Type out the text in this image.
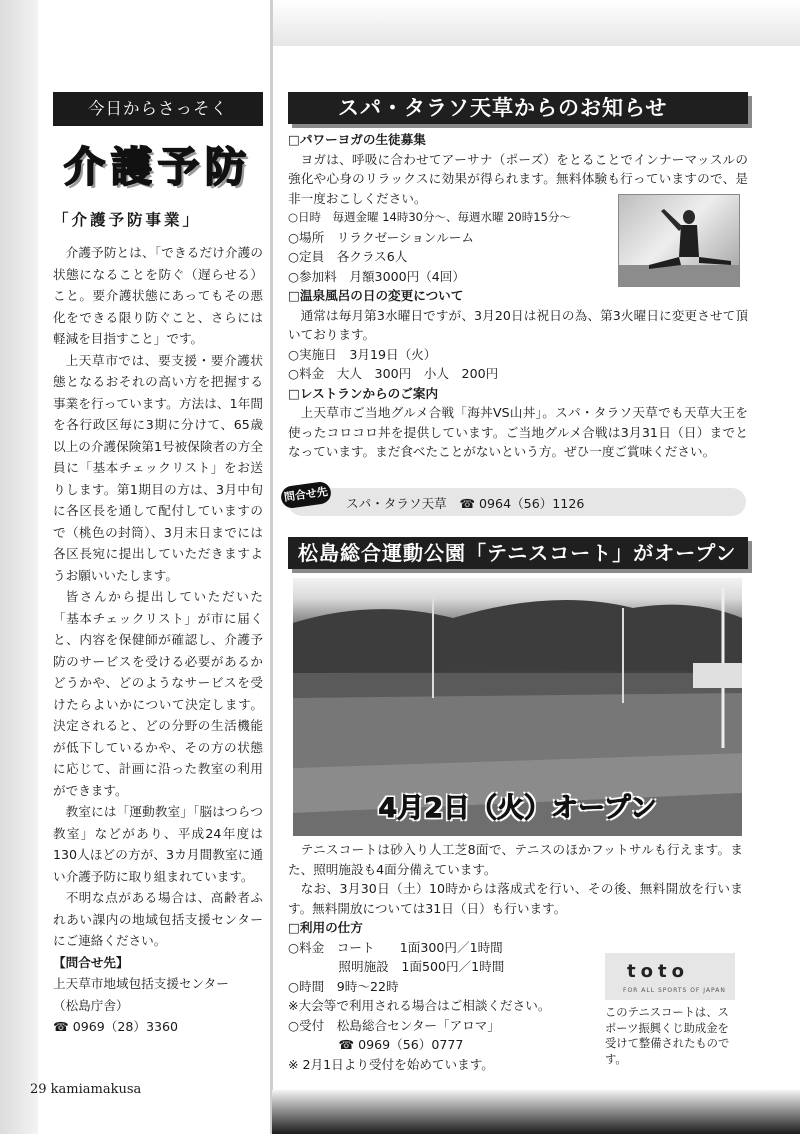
今日からさっそく
介護予防
「介護予防事業」

介護予防とは、「できるだけ介護の状態になることを防ぐ（遅らせる）こと。要介護状態にあってもその悪化をできる限り防ぐこと、さらには軽減を目指すこと」です。

上天草市では、要支援・要介護状態となるおそれの高い方を把握する事業を行っています。方法は、1年間を各行政区毎に3期に分けて、65歳以上の介護保険第1号被保険者の方全員に「基本チェックリスト」をお送りします。第1期目の方は、3月中旬に各区長を通して配付していますので（桃色の封筒）、3月末日までには各区長宛に提出していただきますようお願いいたします。

皆さんから提出していただいた「基本チェックリスト」が市に届くと、内容を保健師が確認し、介護予防のサービスを受ける必要があるかどうかや、どのようなサービスを受けたらよいかについて決定します。決定されると、どの分野の生活機能が低下しているかや、その方の状態に応じて、計画に沿った教室の利用ができます。

教室には「運動教室」「脳はつらつ教室」などがあり、平成24年度は130人ほどの方が、3カ月間教室に通い介護予防に取り組まれています。

不明な点がある場合は、高齢者ふれあい課内の地域包括支援センターにご連絡ください。

【問合せ先】
上天草市地域包括支援センター
（松島庁舎）
☎ 0969（28）3360
スパ・タラソ天草からのお知らせ
□パワーヨガの生徒募集
ヨガは、呼吸に合わせてアーサナ（ポーズ）をとることでインナーマッスルの強化や心身のリラックスに効果が得られます。無料体験も行っていますので、是非一度おこしください。
○日時　毎週金曜 14時30分～、毎週水曜 20時15分～
○場所　リラクゼーションルーム
○定員　各クラス6人
○参加料　月額3000円（4回）
□温泉風呂の日の変更について
通常は毎月第3水曜日ですが、3月20日は祝日の為、第3火曜日に変更させて頂いております。
○実施日　3月19日（火）
○料金　大人　300円　小人　200円
□レストランからのご案内
上天草市ご当地グルメ合戦「海丼VS山丼」。スパ・タラソ天草でも天草大王を使ったコロコロ丼を提供しています。ご当地グルメ合戦は3月31日（日）までとなっています。まだ食べたことがないという方。ぜひ一度ご賞味ください。
問合せ先 スパ・タラソ天草　☎ 0964（56）1126
松島総合運動公園「テニスコート」がオープン
4月2日（火）オープン
テニスコートは砂入り人工芝8面で、テニスのほかフットサルも行えます。また、照明施設も4面分備えています。
なお、3月30日（土）10時からは落成式を行い、その後、無料開放を行います。無料開放については31日（日）も行います。
□利用の仕方
○料金　コート　　1面300円／1時間
　　　　照明施設　1面500円／1時間
○時間　9時～22時
※大会等で利用される場合はご相談ください。
○受付　松島総合センター「アロマ」
　　　　☎ 0969（56）0777
※ 2月1日より受付を始めています。
toto
FOR ALL SPORTS OF JAPAN
このテニスコートは、スポーツ振興くじ助成金を受けて整備されたものです。
29 kamiamakusa
